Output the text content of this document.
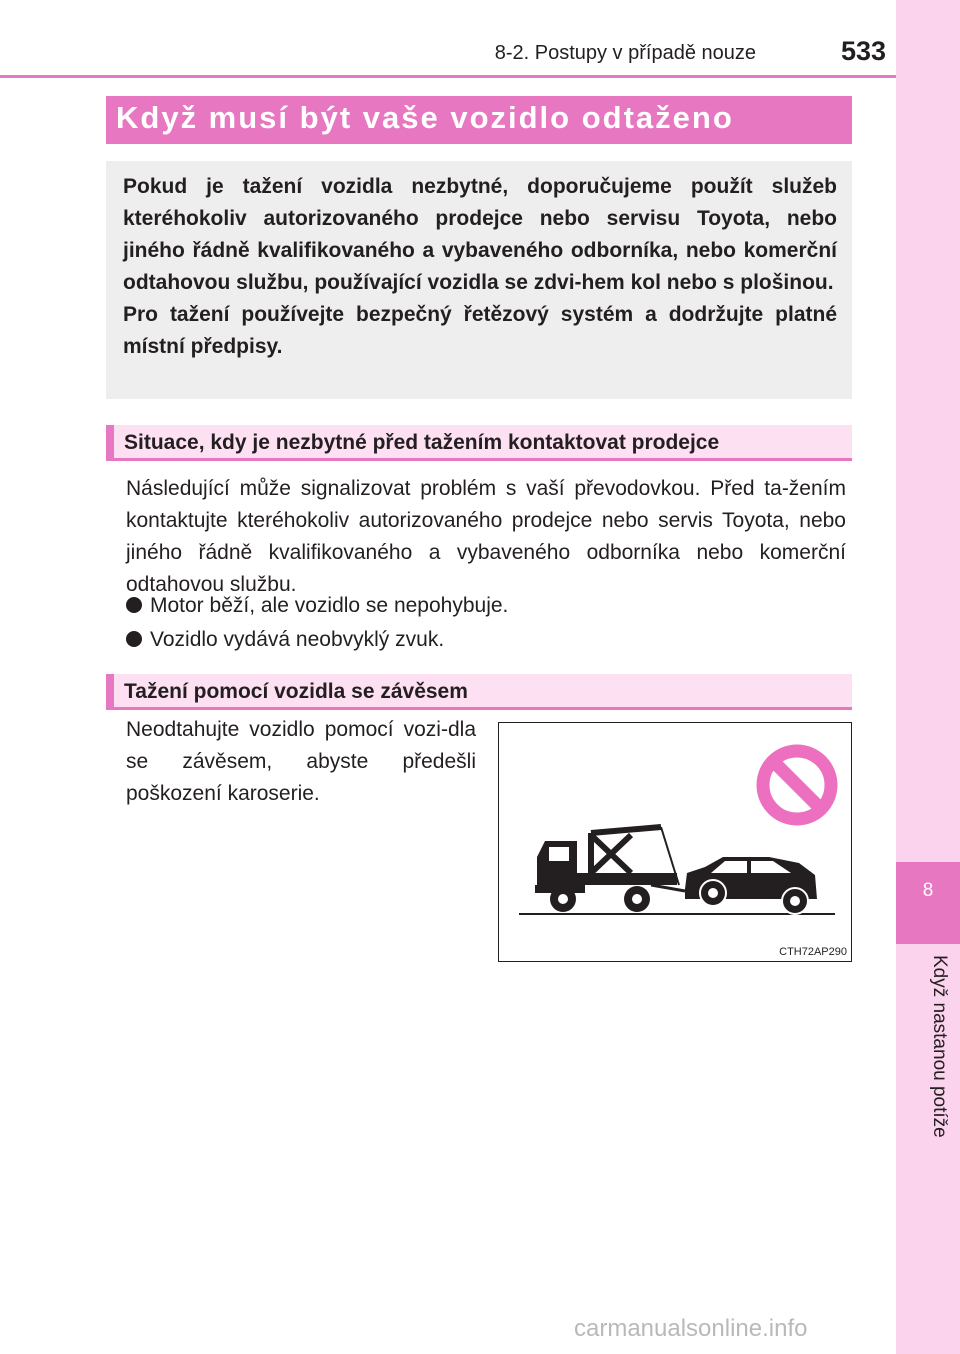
8
Když nastanou potíže
8-2. Postupy v případě nouze	533
Když musí být vaše vozidlo odtaženo
Pokud je tažení vozidla nezbytné, doporučujeme použít služeb kteréhokoliv autorizovaného prodejce nebo servisu Toyota, nebo jiného řádně kvalifikovaného a vybaveného odborníka, nebo komerční odtahovou službu, používající vozidla se zdvi-hem kol nebo s plošinou.
Pro tažení používejte bezpečný řetězový systém a dodržujte platné místní předpisy.
Situace, kdy je nezbytné před tažením kontaktovat prodejce

Následující může signalizovat problém s vaší převodovkou. Před ta-žením kontaktujte kteréhokoliv autorizovaného prodejce nebo servis Toyota, nebo jiného řádně kvalifikovaného a vybaveného odborníka nebo komerční odtahovou službu.

Motor běží, ale vozidlo se nepohybuje.
Vozidlo vydává neobvyklý zvuk.
Tažení pomocí vozidla se závěsem

Neodtahujte vozidlo pomocí vozi-dla se závěsem, abyste předešli poškození karoserie.

CTH72AP290
carmanualsonline.info
